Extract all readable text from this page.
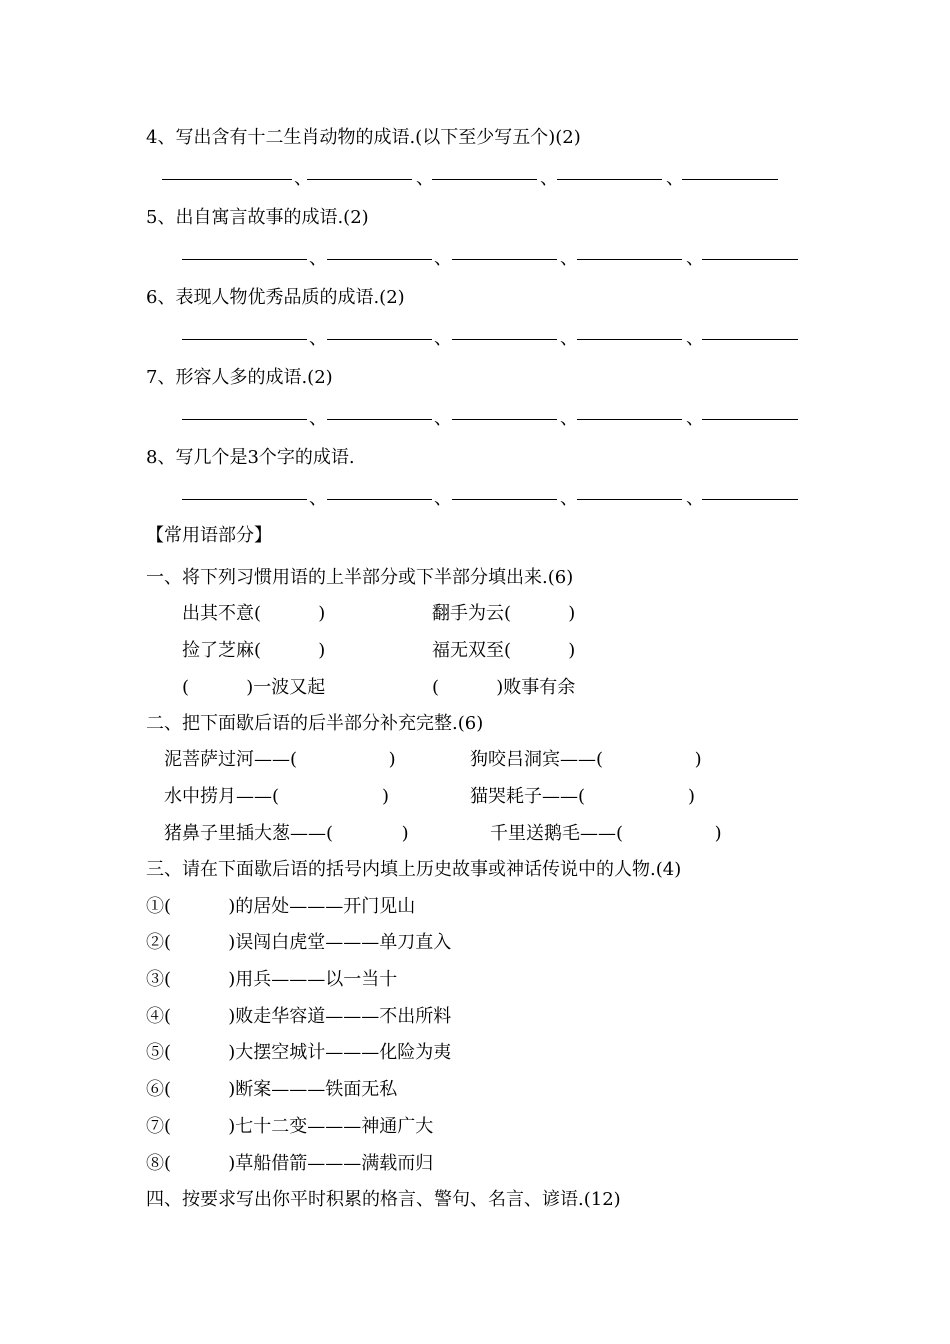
4、写出含有十二生肖动物的成语.(以下至少写五个)(2)
、	、	、	、
5、出自寓言故事的成语.(2)
、	、	、	、
6、表现人物优秀品质的成语.(2)
、	、	、	、
7、形容人多的成语.(2)
、	、	、	、
8、写几个是3个字的成语.
、	、	、	、
【常用语部分】
一、将下列习惯用语的上半部分或下半部分填出来.(6)
出其不意(          )	翻手为云(          )
捡了芝麻(          )	福无双至(          )
(          )一波又起	(          )败事有余
二、把下面歇后语的后半部分补充完整.(6)
泥菩萨过河——(                )	狗咬吕洞宾——(                )
水中捞月——(                  )	猫哭耗子——(                  )
猪鼻子里插大葱——(            )	千里送鹅毛——(                )
三、请在下面歇后语的括号内填上历史故事或神话传说中的人物.(4)
①(          )的居处———开门见山
②(          )误闯白虎堂———单刀直入
③(          )用兵———以一当十
④(          )败走华容道———不出所料
⑤(          )大摆空城计———化险为夷
⑥(          )断案———铁面无私
⑦(          )七十二变———神通广大
⑧(          )草船借箭———满载而归
四、按要求写出你平时积累的格言、警句、名言、谚语.(12)
